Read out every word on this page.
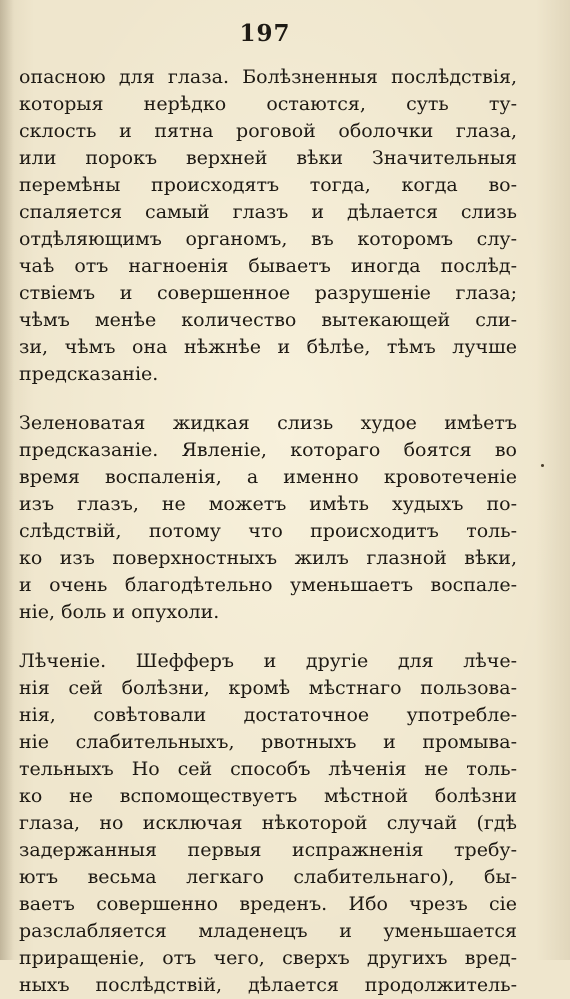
197
опасною для глаза. Болѣзненныя послѣдствія,
которыя нерѣдко остаются, суть ту-
склость и пятна роговой оболочки глаза,
или порокъ верхней вѣки Значительныя
перемѣны происходятъ тогда, когда во-
спаляется самый глазъ и дѣлается слизь
отдѣляющимъ органомъ, въ которомъ слу-
чаѣ отъ нагноенія бываетъ иногда послѣд-
ствіемъ и совершенное разрушеніе глаза;
чѣмъ менѣе количество вытекающей сли-
зи, чѣмъ она нѣжнѣе и бѣлѣе, тѣмъ лучше
предсказаніе.
Зеленоватая жидкая слизь худое имѣетъ
предсказаніе. Явленіе, котораго боятся во
время воспаленія, а именно кровотеченіе
изъ глазъ, не можетъ имѣть худыхъ по-
слѣдствій, потому что происходитъ толь-
ко изъ поверхностныхъ жилъ глазной вѣки,
и очень благодѣтельно уменьшаетъ воспале-
ніе, боль и опухоли.
Лѣченіе. Шефферъ и другіе для лѣче-
нія сей болѣзни, кромѣ мѣстнаго пользова-
нія, совѣтовали достаточное употребле-
ніе слабительныхъ, рвотныхъ и промыва-
тельныхъ Но сей способъ лѣченія не толь-
ко не вспомоществуетъ мѣстной болѣзни
глаза, но исключая нѣкоторой случай (гдѣ
задержанныя первыя испражненія требу-
ютъ весьма легкаго слабительнаго), бы-
ваетъ совершенно вреденъ. Ибо чрезъ сіе
разслабляется младенецъ и уменьшается
приращеніе, отъ чего, сверхъ другихъ вред-
ныхъ послѣдствій, дѣлается продолжитель-
